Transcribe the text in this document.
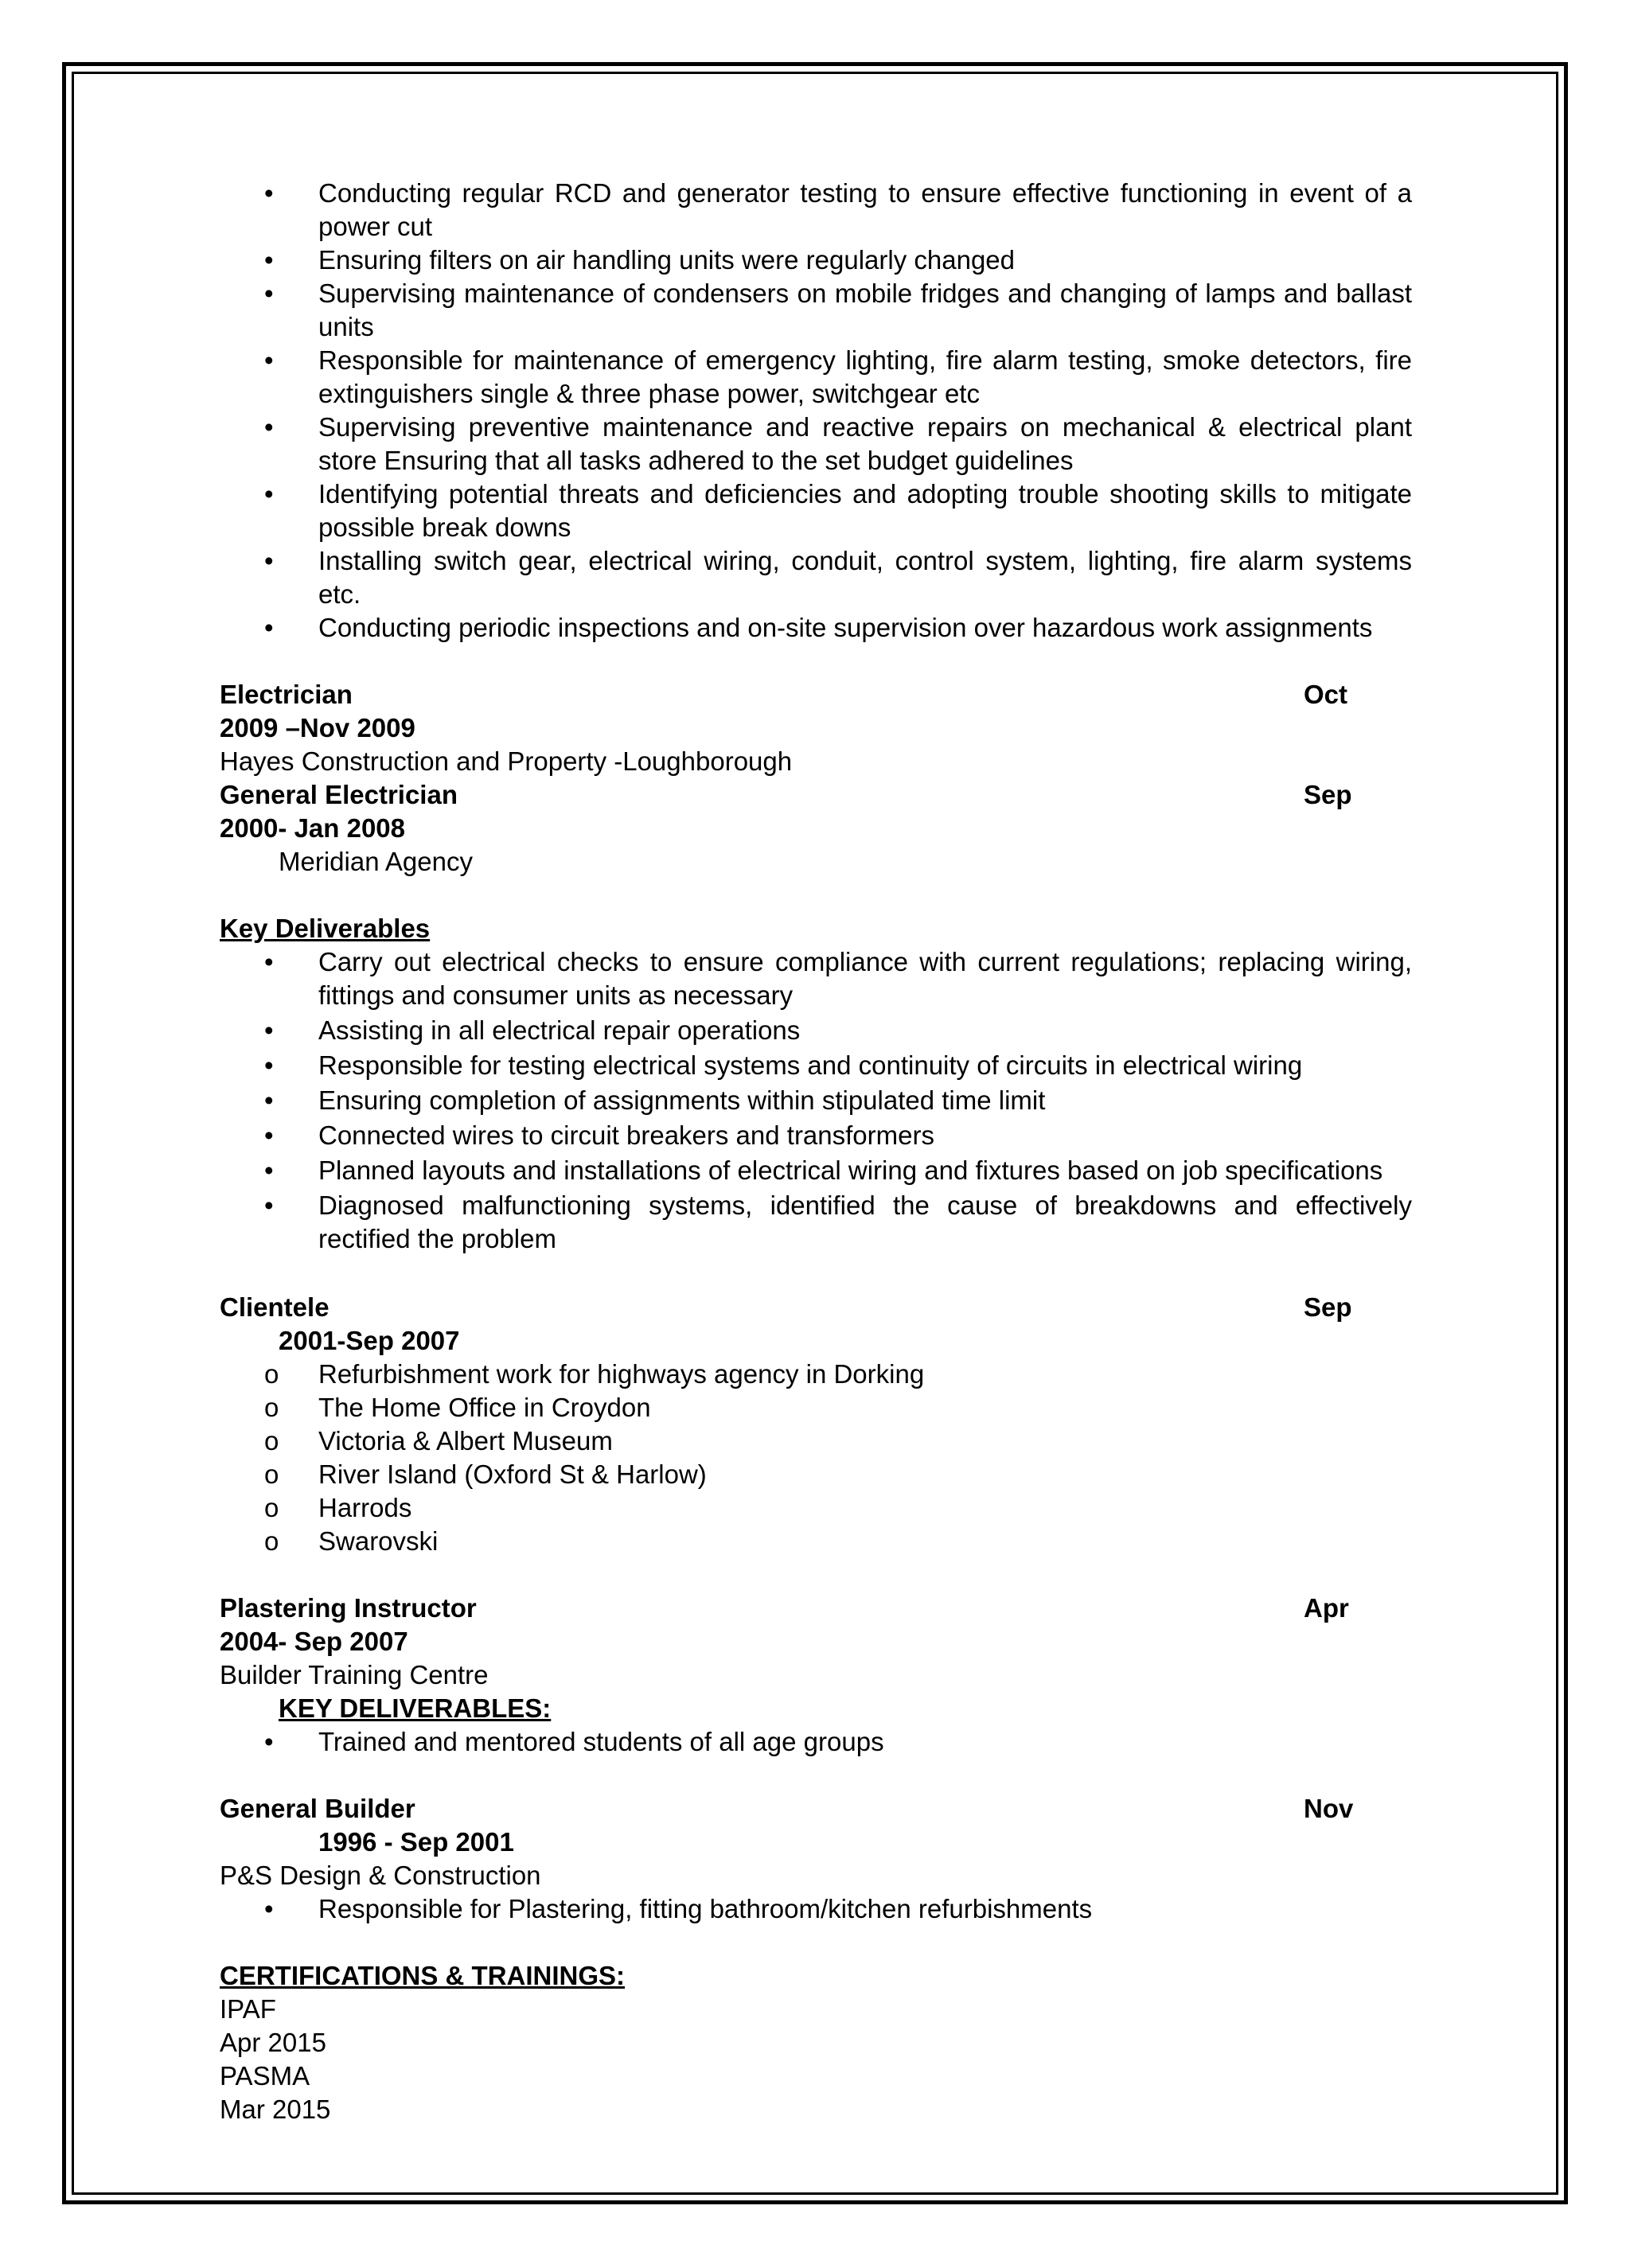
•	Conducting regular RCD and generator testing to ensure effective functioning in event of a power cut
•	Ensuring filters on air handling units were regularly changed
•	Supervising maintenance of condensers on mobile fridges and changing of lamps and ballast units
•	Responsible for maintenance of emergency lighting, fire alarm testing, smoke detectors, fire extinguishers single & three phase power, switchgear etc
•	Supervising preventive maintenance and reactive repairs on mechanical & electrical plant store Ensuring that all tasks adhered to the set budget guidelines
•	Identifying potential threats and deficiencies and adopting trouble shooting skills to mitigate possible break downs
•	Installing switch gear, electrical wiring, conduit, control system, lighting, fire alarm systems etc.
•	Conducting periodic inspections and on-site supervision over hazardous work assignments
Electrician	Oct
2009 –Nov 2009
Hayes Construction and Property -Loughborough
General Electrician	Sep
2000- Jan 2008
Meridian Agency
Key Deliverables
•	Carry out electrical checks to ensure compliance with current regulations; replacing wiring, fittings and consumer units as necessary
•	Assisting in all electrical repair operations
•	Responsible for testing electrical systems and continuity of circuits in electrical wiring
•	Ensuring completion of assignments within stipulated time limit
•	Connected wires to circuit breakers and transformers
•	Planned layouts and installations of electrical wiring and fixtures based on job specifications
•	Diagnosed malfunctioning systems, identified the cause of breakdowns and effectively rectified the problem
Clientele	Sep
2001-Sep 2007
o	Refurbishment work for highways agency in Dorking
o	The Home Office in Croydon
o	Victoria & Albert Museum
o	River Island (Oxford St & Harlow)
o	Harrods
o	Swarovski
Plastering Instructor	Apr
2004- Sep 2007
Builder Training Centre
KEY DELIVERABLES:
•	Trained and mentored students of all age groups
General Builder	Nov
1996 - Sep 2001
P&S Design & Construction
•	Responsible for Plastering, fitting bathroom/kitchen refurbishments
CERTIFICATIONS & TRAININGS:
IPAF
Apr 2015
PASMA
Mar 2015
